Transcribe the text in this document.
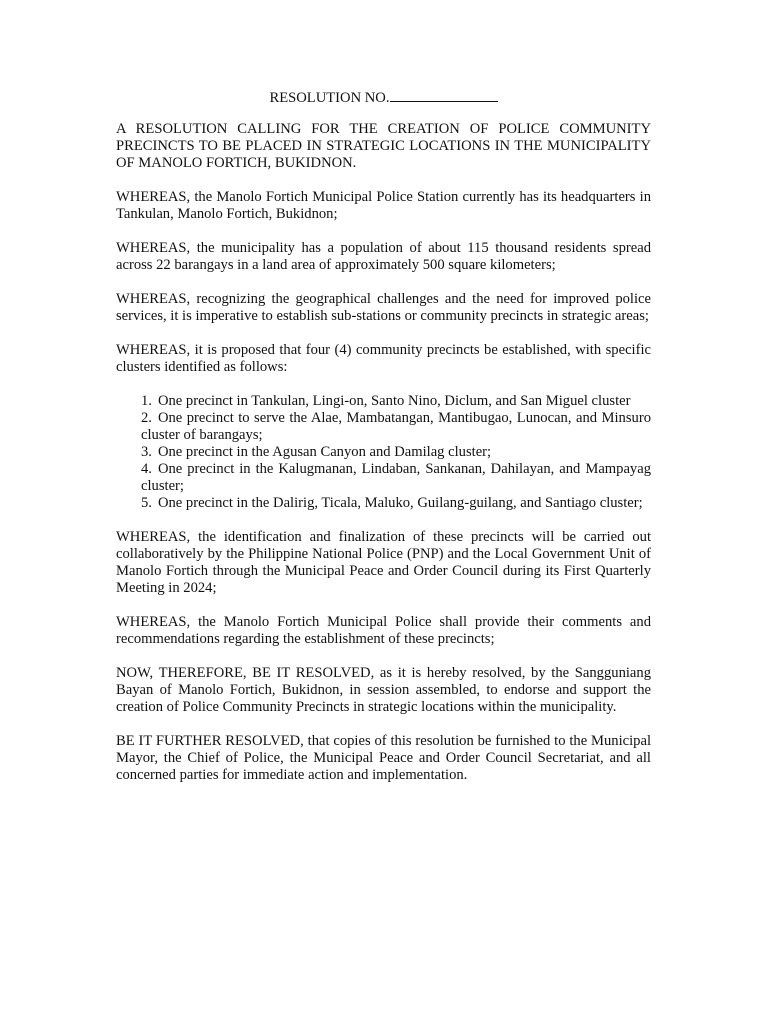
RESOLUTION NO.

A RESOLUTION CALLING FOR THE CREATION OF POLICE COMMUNITY PRECINCTS TO BE PLACED IN STRATEGIC LOCATIONS IN THE MUNICIPALITY OF MANOLO FORTICH, BUKIDNON.

WHEREAS, the Manolo Fortich Municipal Police Station currently has its headquarters in Tankulan, Manolo Fortich, Bukidnon;

WHEREAS, the municipality has a population of about 115 thousand residents spread across 22 barangays in a land area of approximately 500 square kilometers;

WHEREAS, recognizing the geographical challenges and the need for improved police services, it is imperative to establish sub-stations or community precincts in strategic areas;

WHEREAS, it is proposed that four (4) community precincts be established, with specific clusters identified as follows:

1. One precinct in Tankulan, Lingi-on, Santo Nino, Diclum, and San Miguel cluster
2. One precinct to serve the Alae, Mambatangan, Mantibugao, Lunocan, and Minsuro cluster of barangays;
3. One precinct in the Agusan Canyon and Damilag cluster;
4. One precinct in the Kalugmanan, Lindaban, Sankanan, Dahilayan, and Mampayag cluster;
5. One precinct in the Dalirig, Ticala, Maluko, Guilang-guilang, and Santiago cluster;

WHEREAS, the identification and finalization of these precincts will be carried out collaboratively by the Philippine National Police (PNP) and the Local Government Unit of Manolo Fortich through the Municipal Peace and Order Council during its First Quarterly Meeting in 2024;

WHEREAS, the Manolo Fortich Municipal Police shall provide their comments and recommendations regarding the establishment of these precincts;

NOW, THEREFORE, BE IT RESOLVED, as it is hereby resolved, by the Sangguniang Bayan of Manolo Fortich, Bukidnon, in session assembled, to endorse and support the creation of Police Community Precincts in strategic locations within the municipality.

BE IT FURTHER RESOLVED, that copies of this resolution be furnished to the Municipal Mayor, the Chief of Police, the Municipal Peace and Order Council Secretariat, and all concerned parties for immediate action and implementation.
